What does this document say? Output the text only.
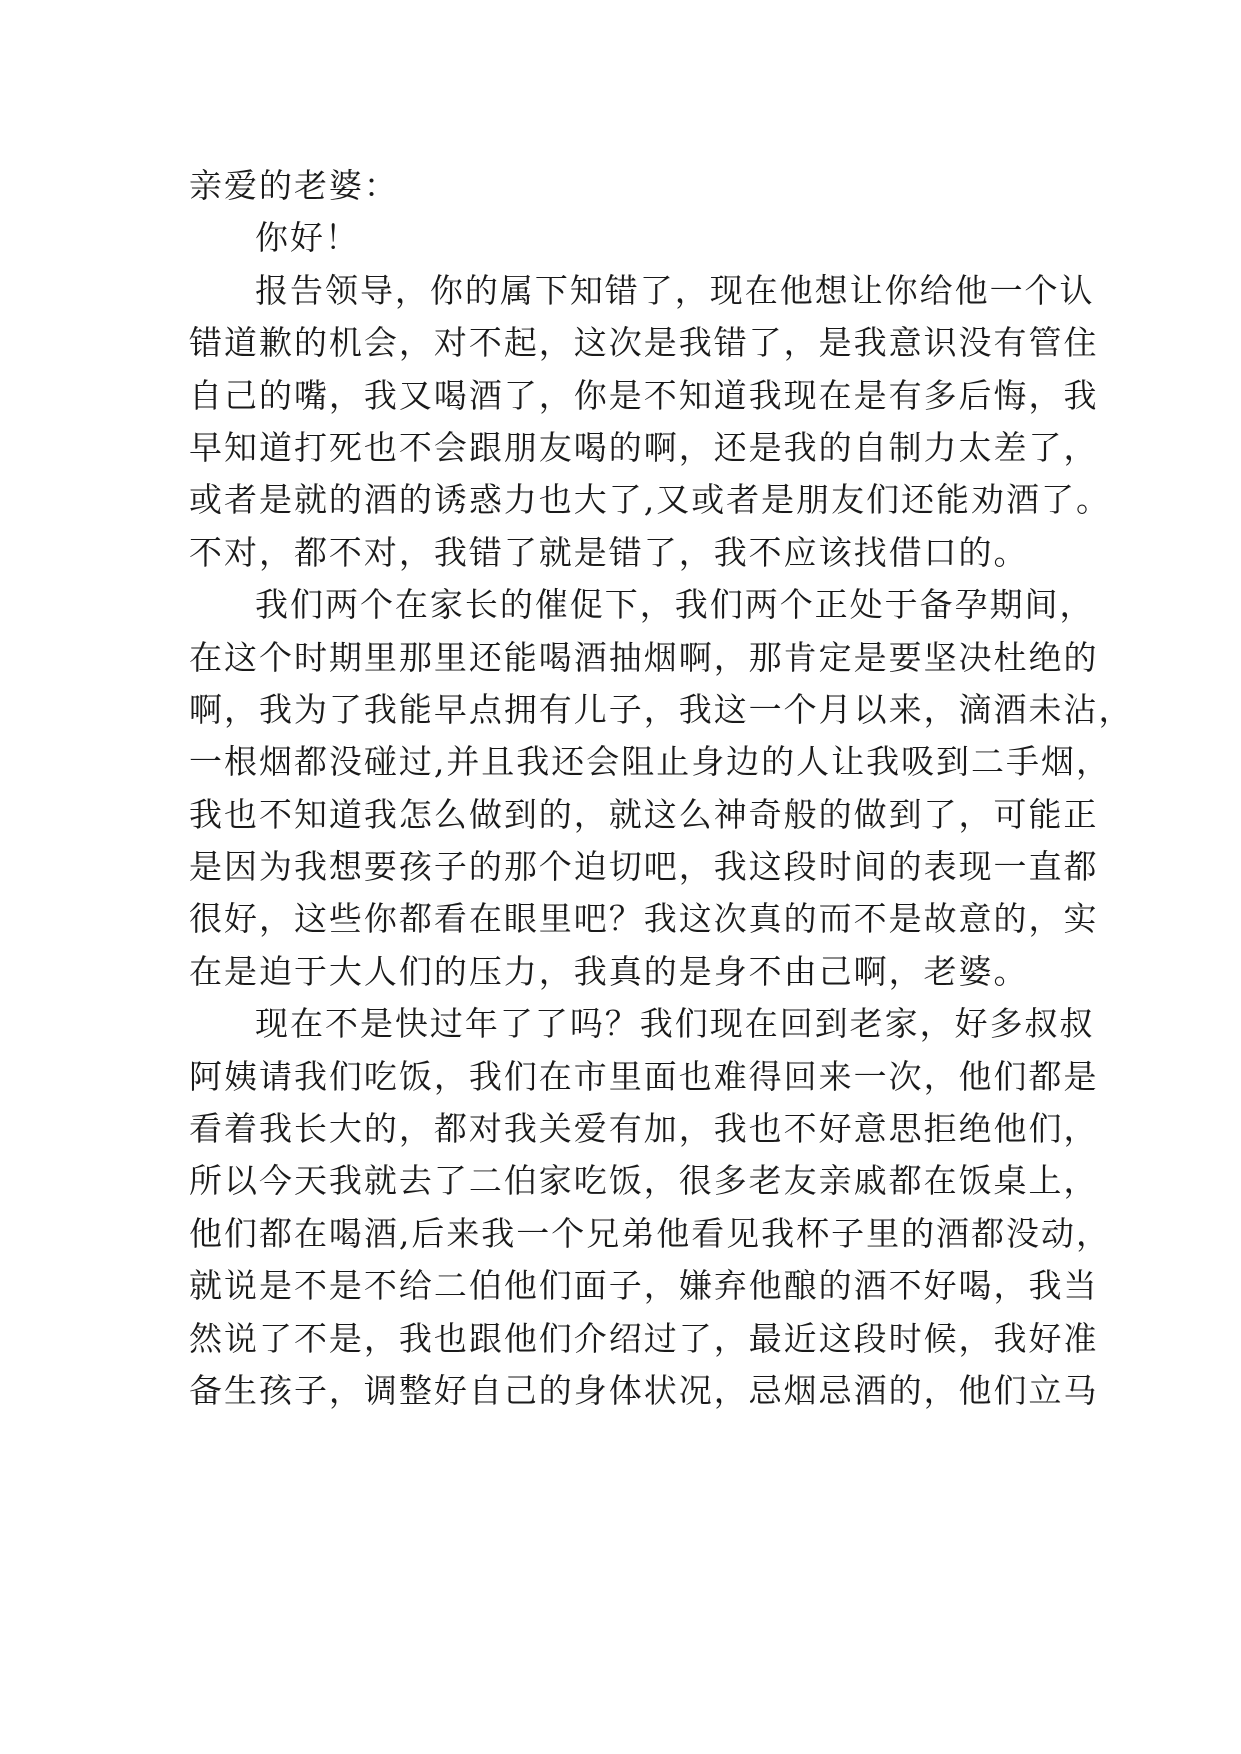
亲爱的老婆：
你好！
报告领导，你的属下知错了，现在他想让你给他一个认
错道歉的机会，对不起，这次是我错了，是我意识没有管住
自己的嘴，我又喝酒了，你是不知道我现在是有多后悔，我
早知道打死也不会跟朋友喝的啊，还是我的自制力太差了，
或者是就的酒的诱惑力也大了,又或者是朋友们还能劝酒了。
不对，都不对，我错了就是错了，我不应该找借口的。
我们两个在家长的催促下，我们两个正处于备孕期间，
在这个时期里那里还能喝酒抽烟啊，那肯定是要坚决杜绝的
啊，我为了我能早点拥有儿子，我这一个月以来，滴酒未沾，
一根烟都没碰过,并且我还会阻止身边的人让我吸到二手烟，
我也不知道我怎么做到的，就这么神奇般的做到了，可能正
是因为我想要孩子的那个迫切吧，我这段时间的表现一直都
很好，这些你都看在眼里吧？我这次真的而不是故意的，实
在是迫于大人们的压力，我真的是身不由己啊，老婆。
现在不是快过年了了吗？我们现在回到老家，好多叔叔
阿姨请我们吃饭，我们在市里面也难得回来一次，他们都是
看着我长大的，都对我关爱有加，我也不好意思拒绝他们，
所以今天我就去了二伯家吃饭，很多老友亲戚都在饭桌上，
他们都在喝酒,后来我一个兄弟他看见我杯子里的酒都没动，
就说是不是不给二伯他们面子，嫌弃他酿的酒不好喝，我当
然说了不是，我也跟他们介绍过了，最近这段时候，我好准
备生孩子，调整好自己的身体状况，忌烟忌酒的，他们立马
